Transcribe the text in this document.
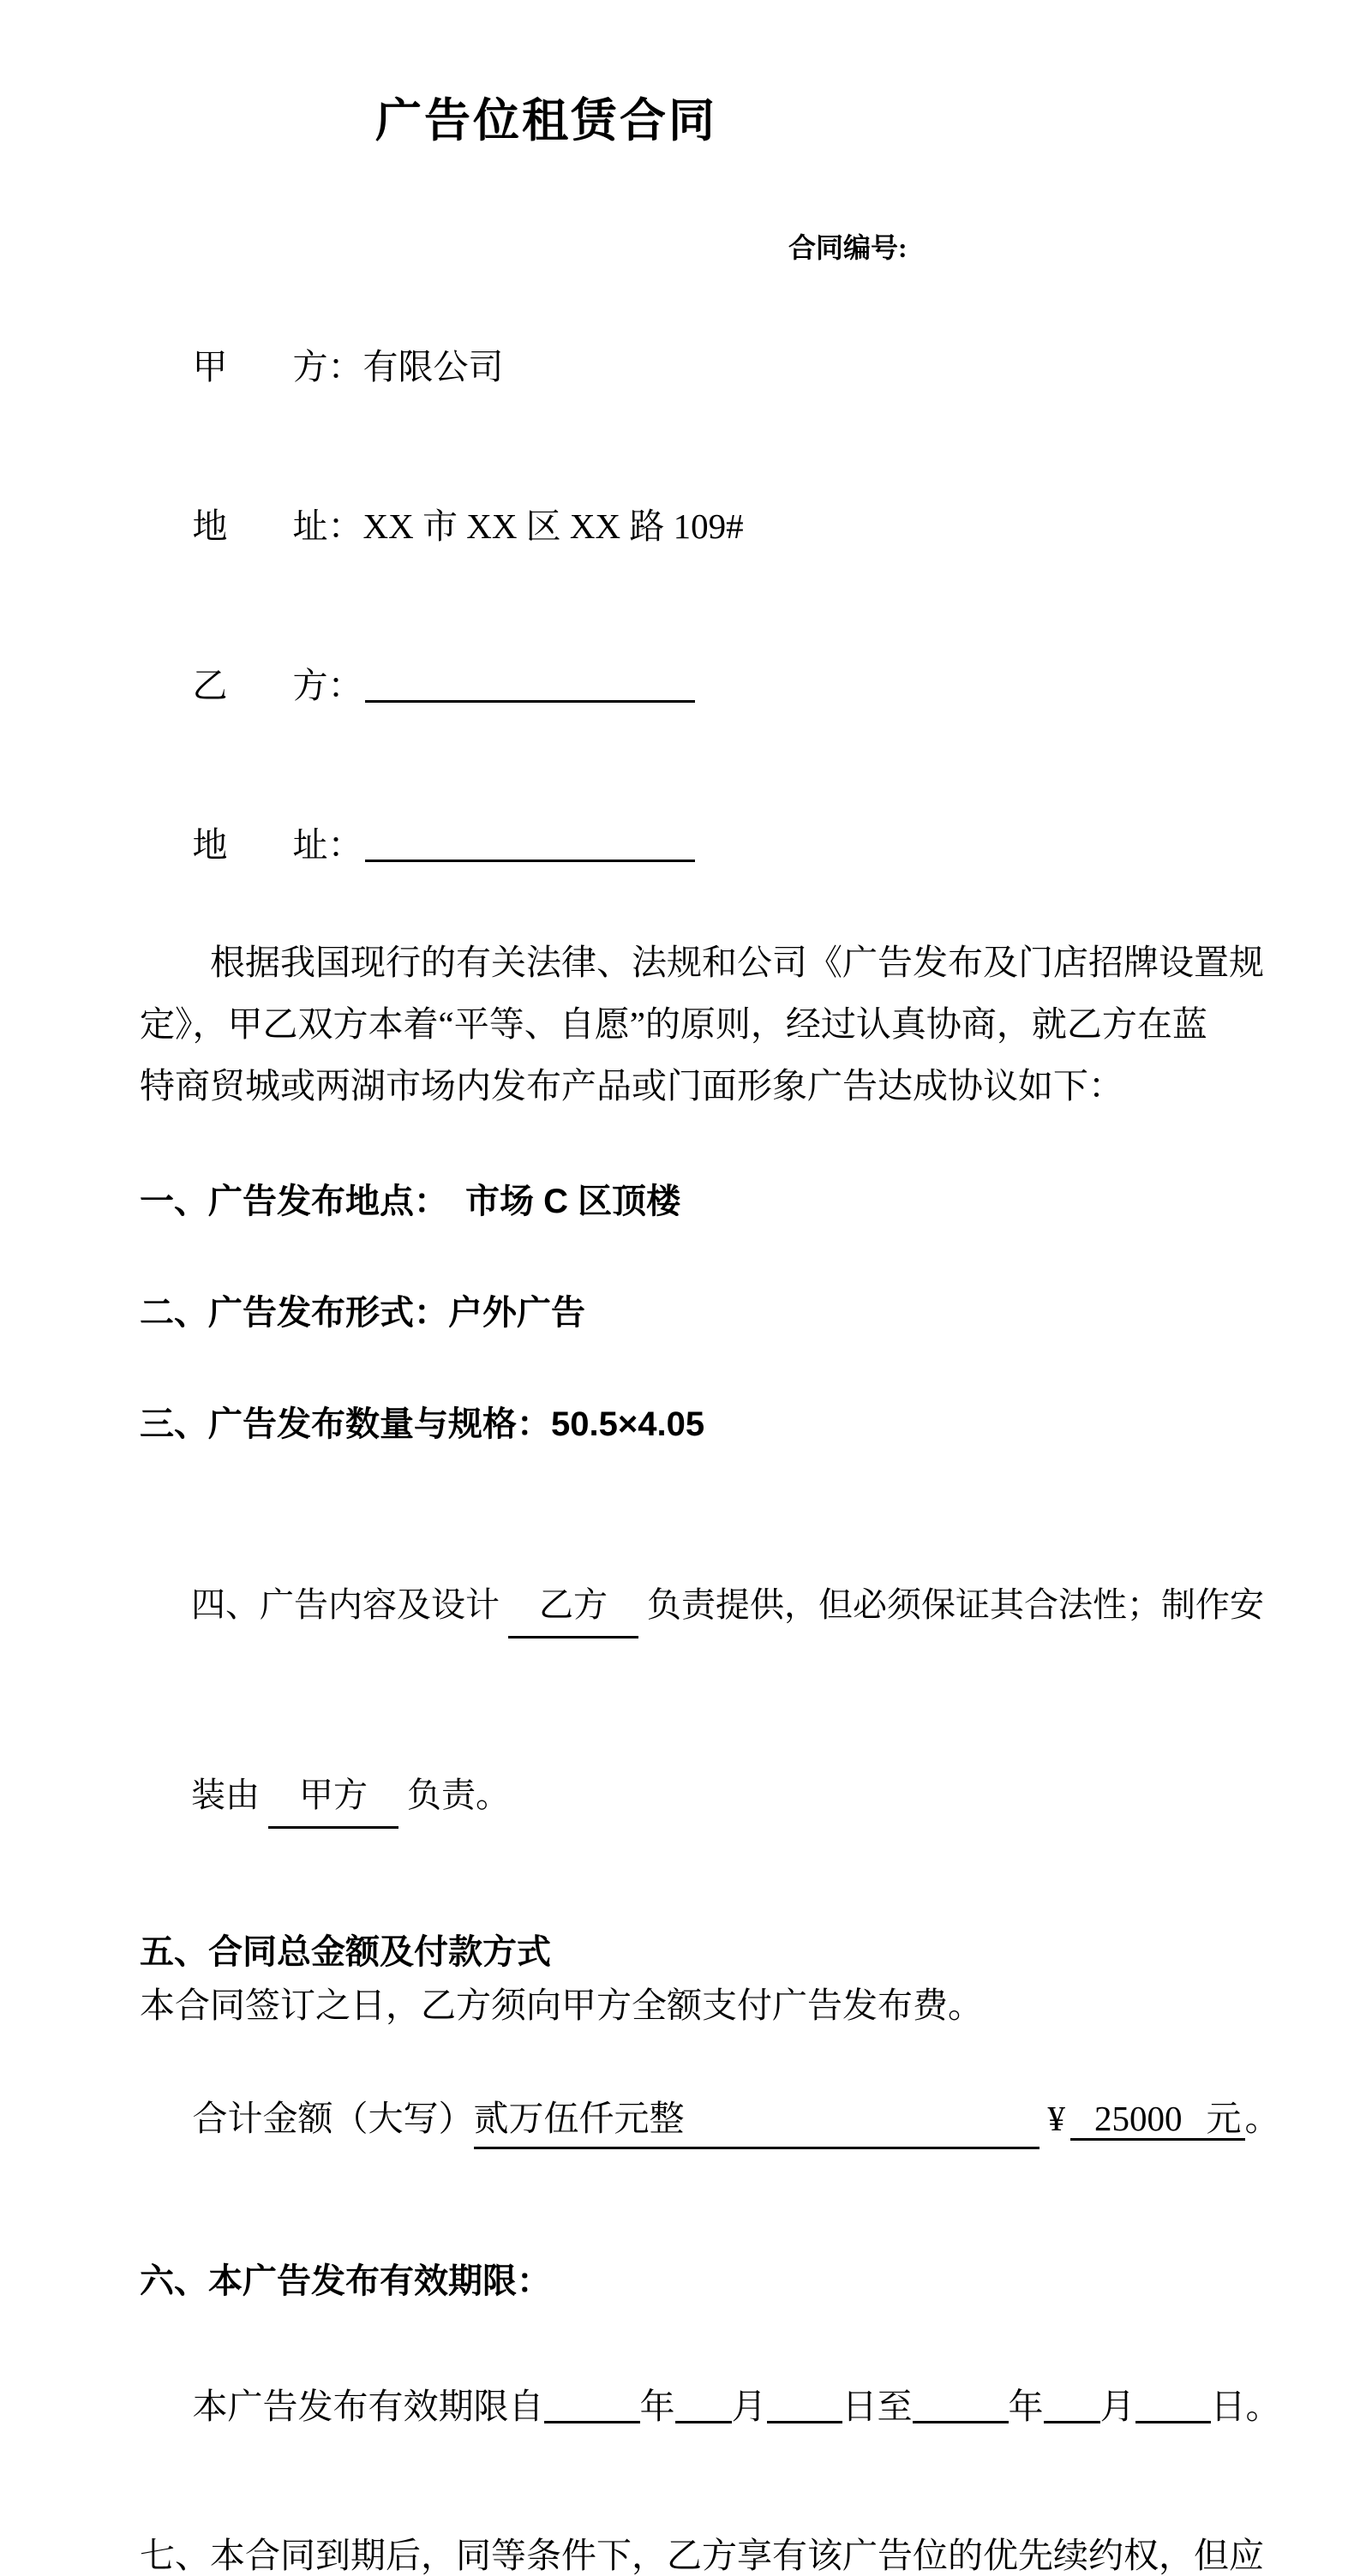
广告位租赁合同
合同编号:

甲 方：有限公司

地 址：XX 市 XX 区 XX 路 109#

乙 方：

地 址：

　　根据我国现行的有关法律、法规和公司《广告发布及门店招牌设置规
定》，甲乙双方本着“平等、自愿”的原则，经过认真协商，就乙方在蓝
特商贸城或两湖市场内发布产品或门面形象广告达成协议如下：
一、广告发布地点：　市场 C 区顶楼
二、广告发布形式：户外广告
三、广告发布数量与规格：50.5×4.05

四、广告内容及设计 乙方 负责提供，但必须保证其合法性；制作安

装由 甲方 负责。

五、合同总金额及付款方式
本合同签订之日，乙方须向甲方全额支付广告发布费。

合计金额（大写）贰万伍仟元整	¥ 25000 元。

六、本广告发布有效期限：

本广告发布有效期限自	年 月 日至	年 月 日。

七、本合同到期后，同等条件下，乙方享有该广告位的优先续约权，但应
